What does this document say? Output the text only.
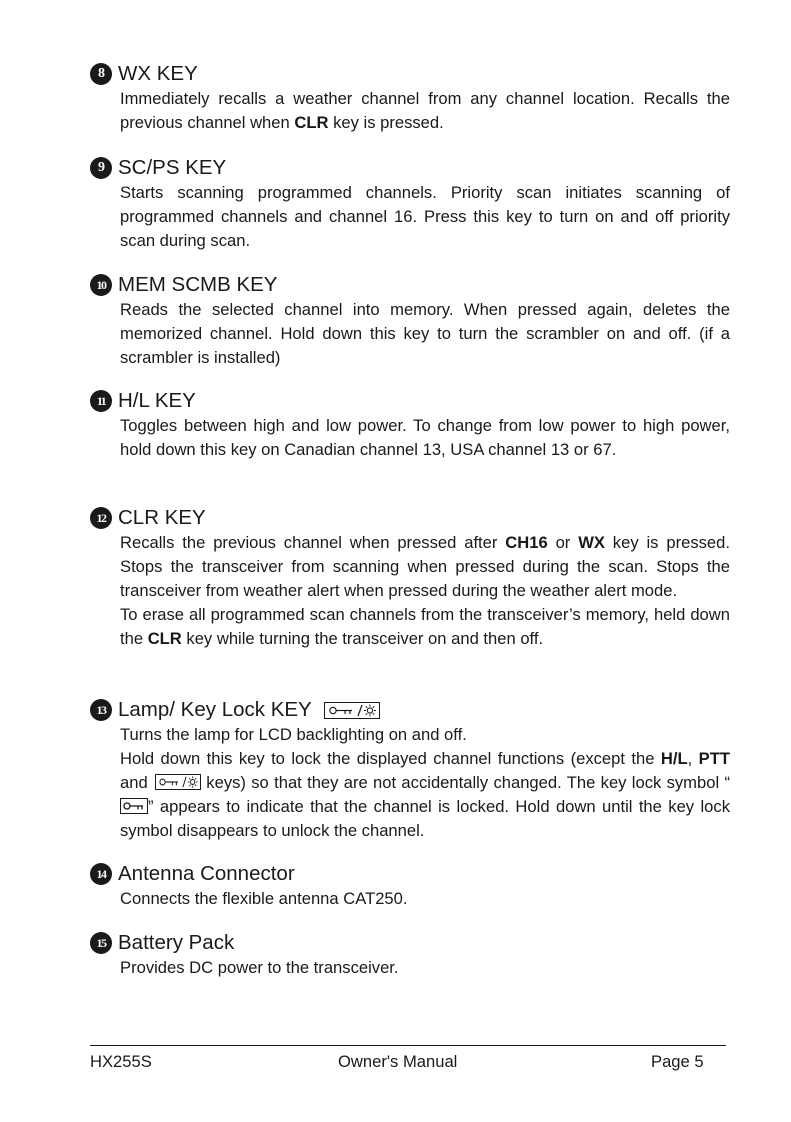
8 WX KEY

Immediately recalls a weather channel from any channel location. Recalls the previous channel when CLR key is pressed.

9 SC/PS KEY

Starts scanning programmed channels. Priority scan initiates scanning of programmed channels and channel 16. Press this key to turn on and off priority scan during scan.

10 MEM SCMB KEY

Reads the selected channel into memory. When pressed again, deletes the memorized channel. Hold down this key to turn the scrambler on and off. (if a scrambler is installed)

11 H/L KEY

Toggles between high and low power. To change from low power to high power, hold down this key on Canadian channel 13, USA channel 13 or 67.

12 CLR KEY

Recalls the previous channel when pressed after CH16 or WX key is pressed. Stops the transceiver from scanning when pressed during the scan. Stops the transceiver from weather alert when pressed during the weather alert mode.

To erase all programmed scan channels from the transceiver’s memory, held down the CLR key while turning the transceiver on and then off.

13 Lamp/ Key Lock KEY

Turns the lamp for LCD backlighting on and off.

Hold down this key to lock the displayed channel functions (except the H/L, PTT and	keys) so that they are not accidentally changed. The key lock symbol “
” appears to indicate that the channel is locked. Hold down until the key lock symbol disappears to unlock the channel.

14 Antenna Connector

Connects the flexible antenna CAT250.

15 Battery Pack

Provides DC power to the transceiver.

HX255S	Owner's Manual	Page 5
